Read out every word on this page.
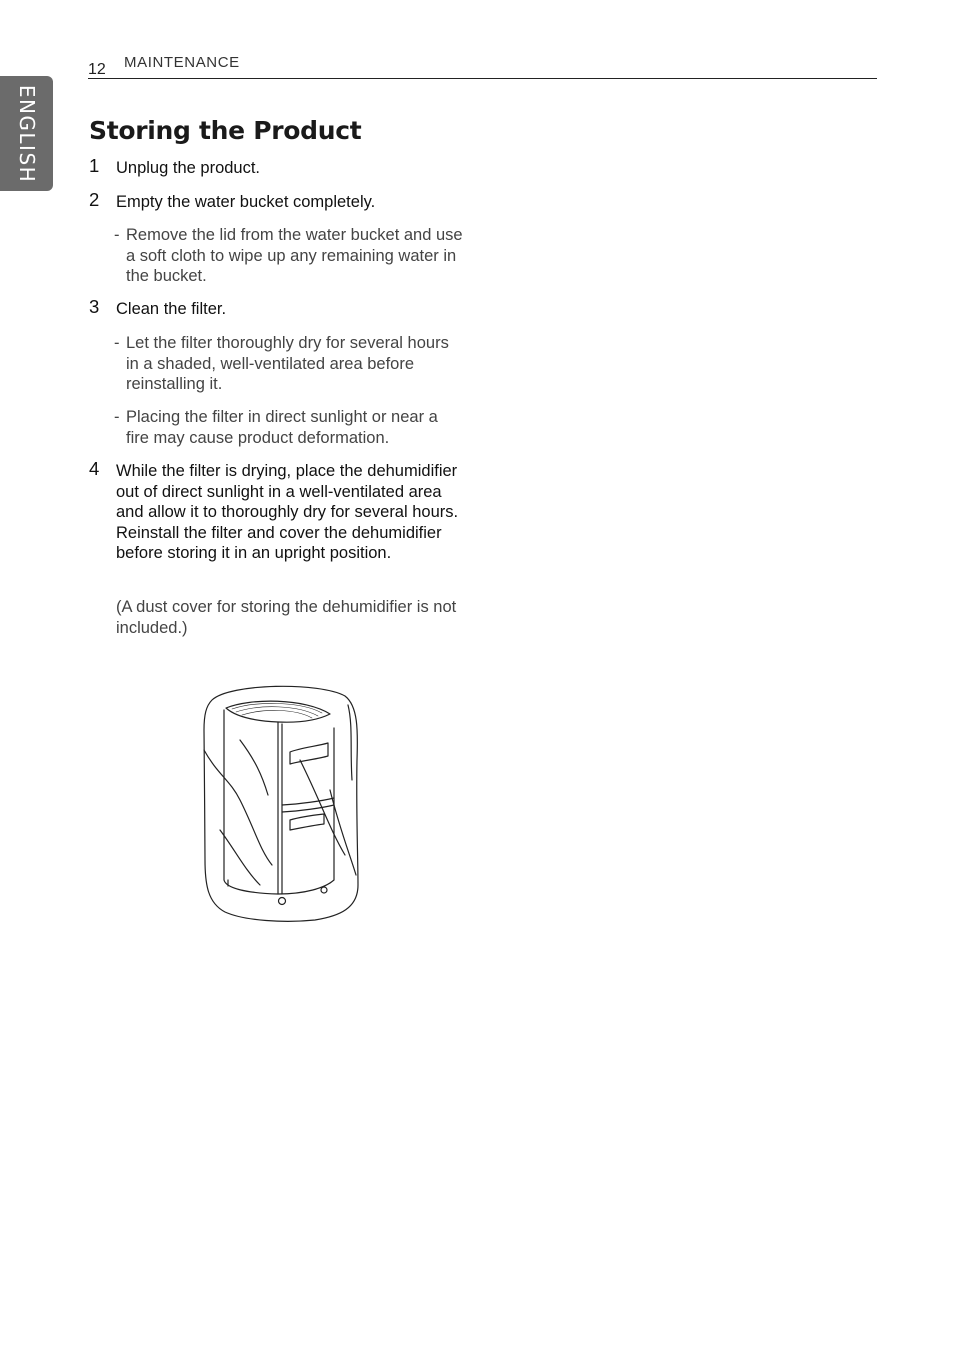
ENGLISH
12 MAINTENANCE
Storing the Product
1 Unplug the product.
2 Empty the water bucket completely.
- Remove the lid from the water bucket and use a soft cloth to wipe up any remaining water in the bucket.
3 Clean the filter.
- Let the filter thoroughly dry for several hours in a shaded, well-ventilated area before reinstalling it.
- Placing the filter in direct sunlight or near a fire may cause product deformation.
4 While the filter is drying, place the dehumidifier out of direct sunlight in a well-ventilated area and allow it to thoroughly dry for several hours. Reinstall the filter and cover the dehumidifier before storing it in an upright position.
(A dust cover for storing the dehumidifier is not included.)
